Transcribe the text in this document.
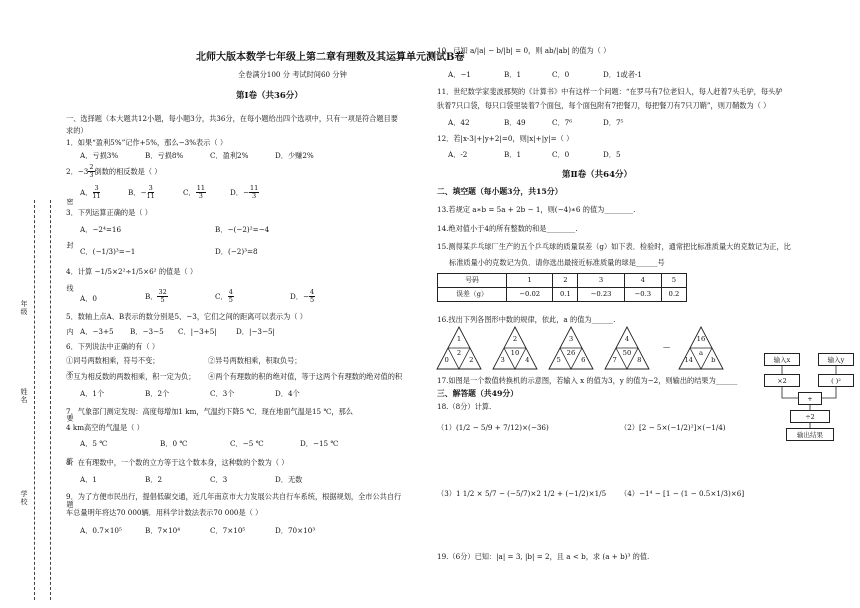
密 封 线 内 不 要 答 题
年级
姓名
学校
北师大版本数学七年级上第二章有理数及其运算单元测试B卷
全卷满分100 分 考试时间60 分钟
第Ⅰ卷（共36分）
一、选择题（本大题共12小题，每小题3分，共36分，在每小题给出四个选项中，只有一项是符合题目要
求的）
1．如果“盈利5%”记作+5%，那么−3%表示（ ）
A．亏损3%	B．亏损8%	C．盈利2%	D．少赚2%
2． $-3 \frac{2}{3}$ 倒数的相反数是（ ）
A． $\frac{3}{11}$	B．− $\frac{3}{11}$	C． $\frac{11}{3}$	D．− $\frac{11}{3}$
3．下列运算正确的是（ ）
A．−2⁴=16	B．−(−2)²=−4
C．(−1/3)³=−1	D．(−2)³=8
4．计算 −1/5×2²÷1/5×6² 的值是（ ）
A．0	B． $\frac{32}{5}$	C． $\frac{4}{5}$	D．− $\frac{4}{5}$
5．数轴上点A、B表示的数分别是5、−3，它们之间的距离可以表示为（ ）
A．−3+5 B．−3−5 C．|−3+5|	D．|−3−5|
6．下列说法中正确的有（ ）
①同号两数相乘，符号不变；	②异号两数相乘，积取负号；
③互为相反数的两数相乘，积一定为负； ④两个有理数的积的绝对值，等于这两个有理数的绝对值的积
A．1个	B．2个	C．3个	D．4个
7．气象部门测定发现：高度每增加1 km，气温约下降5 ℃．现在地面气温是15 ℃，那么
4 km高空的气温是（ ）
A．5 ℃	B．0 ℃	C．−5 ℃	D．−15 ℃
8．在有理数中，一个数的立方等于这个数本身，这种数的个数为（ ）
A．1	B．2	C．3	D．无数
9．为了方便市民出行，提倡低碳交通，近几年南京市大力发展公共自行车系统，根据规划，全市公共自行
车总量明年将达70 000辆．用科学计数法表示70 000是（ ）
A．0.7×10⁵	B．7×10⁴	C．7×10⁵	D．70×10³
10．已知 a/|a| − b/|b| = 0，则 ab/|ab| 的值为（ ）
A．−1	B．1	C．0	D．1或者-1
11．世纪数学家斐波那契的《计算书》中有这样一个问题：“在罗马有7位老妇人，每人赶着7头毛驴，每头驴
驮着7只口袋，每只口袋里装着7个面包，每个面包附有7把餐刀，每把餐刀有7只刀鞘”，则刀鞘数为（ ）
A．42	B．49	C．7⁶	D．7⁵
12．若|x-3|+|y+2|=0，则|x|+|y|=（ ）
A．-2	B．1	C．0	D．5
第Ⅱ卷（共64分）
二、填空题（每小题3分，共15分）
13.若规定 a∗b = 5a + 2b − 1，则(−4)∗6 的值为________.
14.绝对值小于4的所有整数的和是________.
15.测得某乒乓球厂生产的五个乒乓球的质量误差（g）如下表．检验时，通常把比标准质量大的克数记为正，比
标准质量小的克数记为负．请你选出最接近标准质量的球是______号
号码	1	2	3	4	5
误差（g）	−0.02	0.1	−0.23	−0.3	0.2
16.找出下列各图形中数的规律，依此，a 的值为______.
1
0
2
2
2
3
10
4
3
5
26
6
4
7
50
8
—
16
14
a
b
17.如图是一个数值转换机的示意图，若输入 x 的值为3，y 的值为−2，则输出的结果为______
输入x	输入y
×2	( )²
+
÷2
输出结果
三、解答题（共49分）
18.（8分）计算.
（1）(1/2 − 5/9 + 7/12)×(−36)	（2）[2 − 5×(−1/2)²]×(−1/4)
（3）1 1/2 × 5/7 − (−5/7)×2 1/2 + (−1/2)×1/5 （4）−1⁴ − [1 − (1 − 0.5×1/3)×6]
19.（6分）已知：|a| = 3, |b| = 2，且 a < b，求 (a + b)³ 的值.
